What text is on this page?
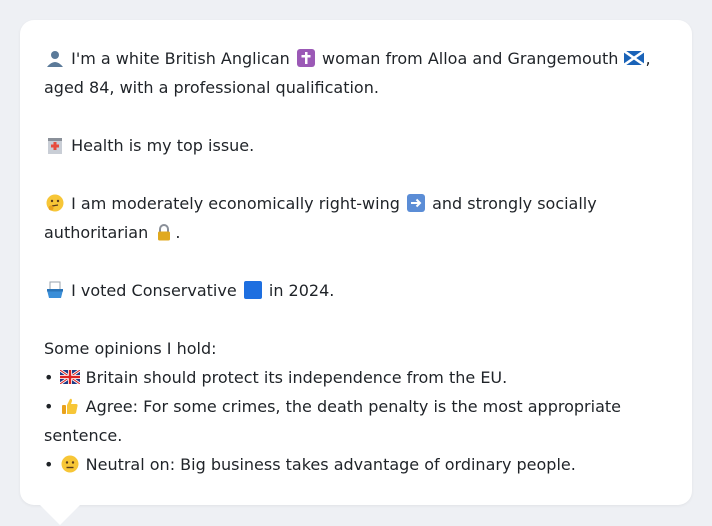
I'm a white British Anglican woman from Alloa and Grangemouth ,
aged 84, with a professional qualification.
Health is my top issue.
I am moderately economically right-wing and strongly socially
authoritarian .
I voted Conservative in 2024.
Some opinions I hold:
• Britain should protect its independence from the EU.
• Agree: For some crimes, the death penalty is the most appropriate
sentence.
• Neutral on: Big business takes advantage of ordinary people.
